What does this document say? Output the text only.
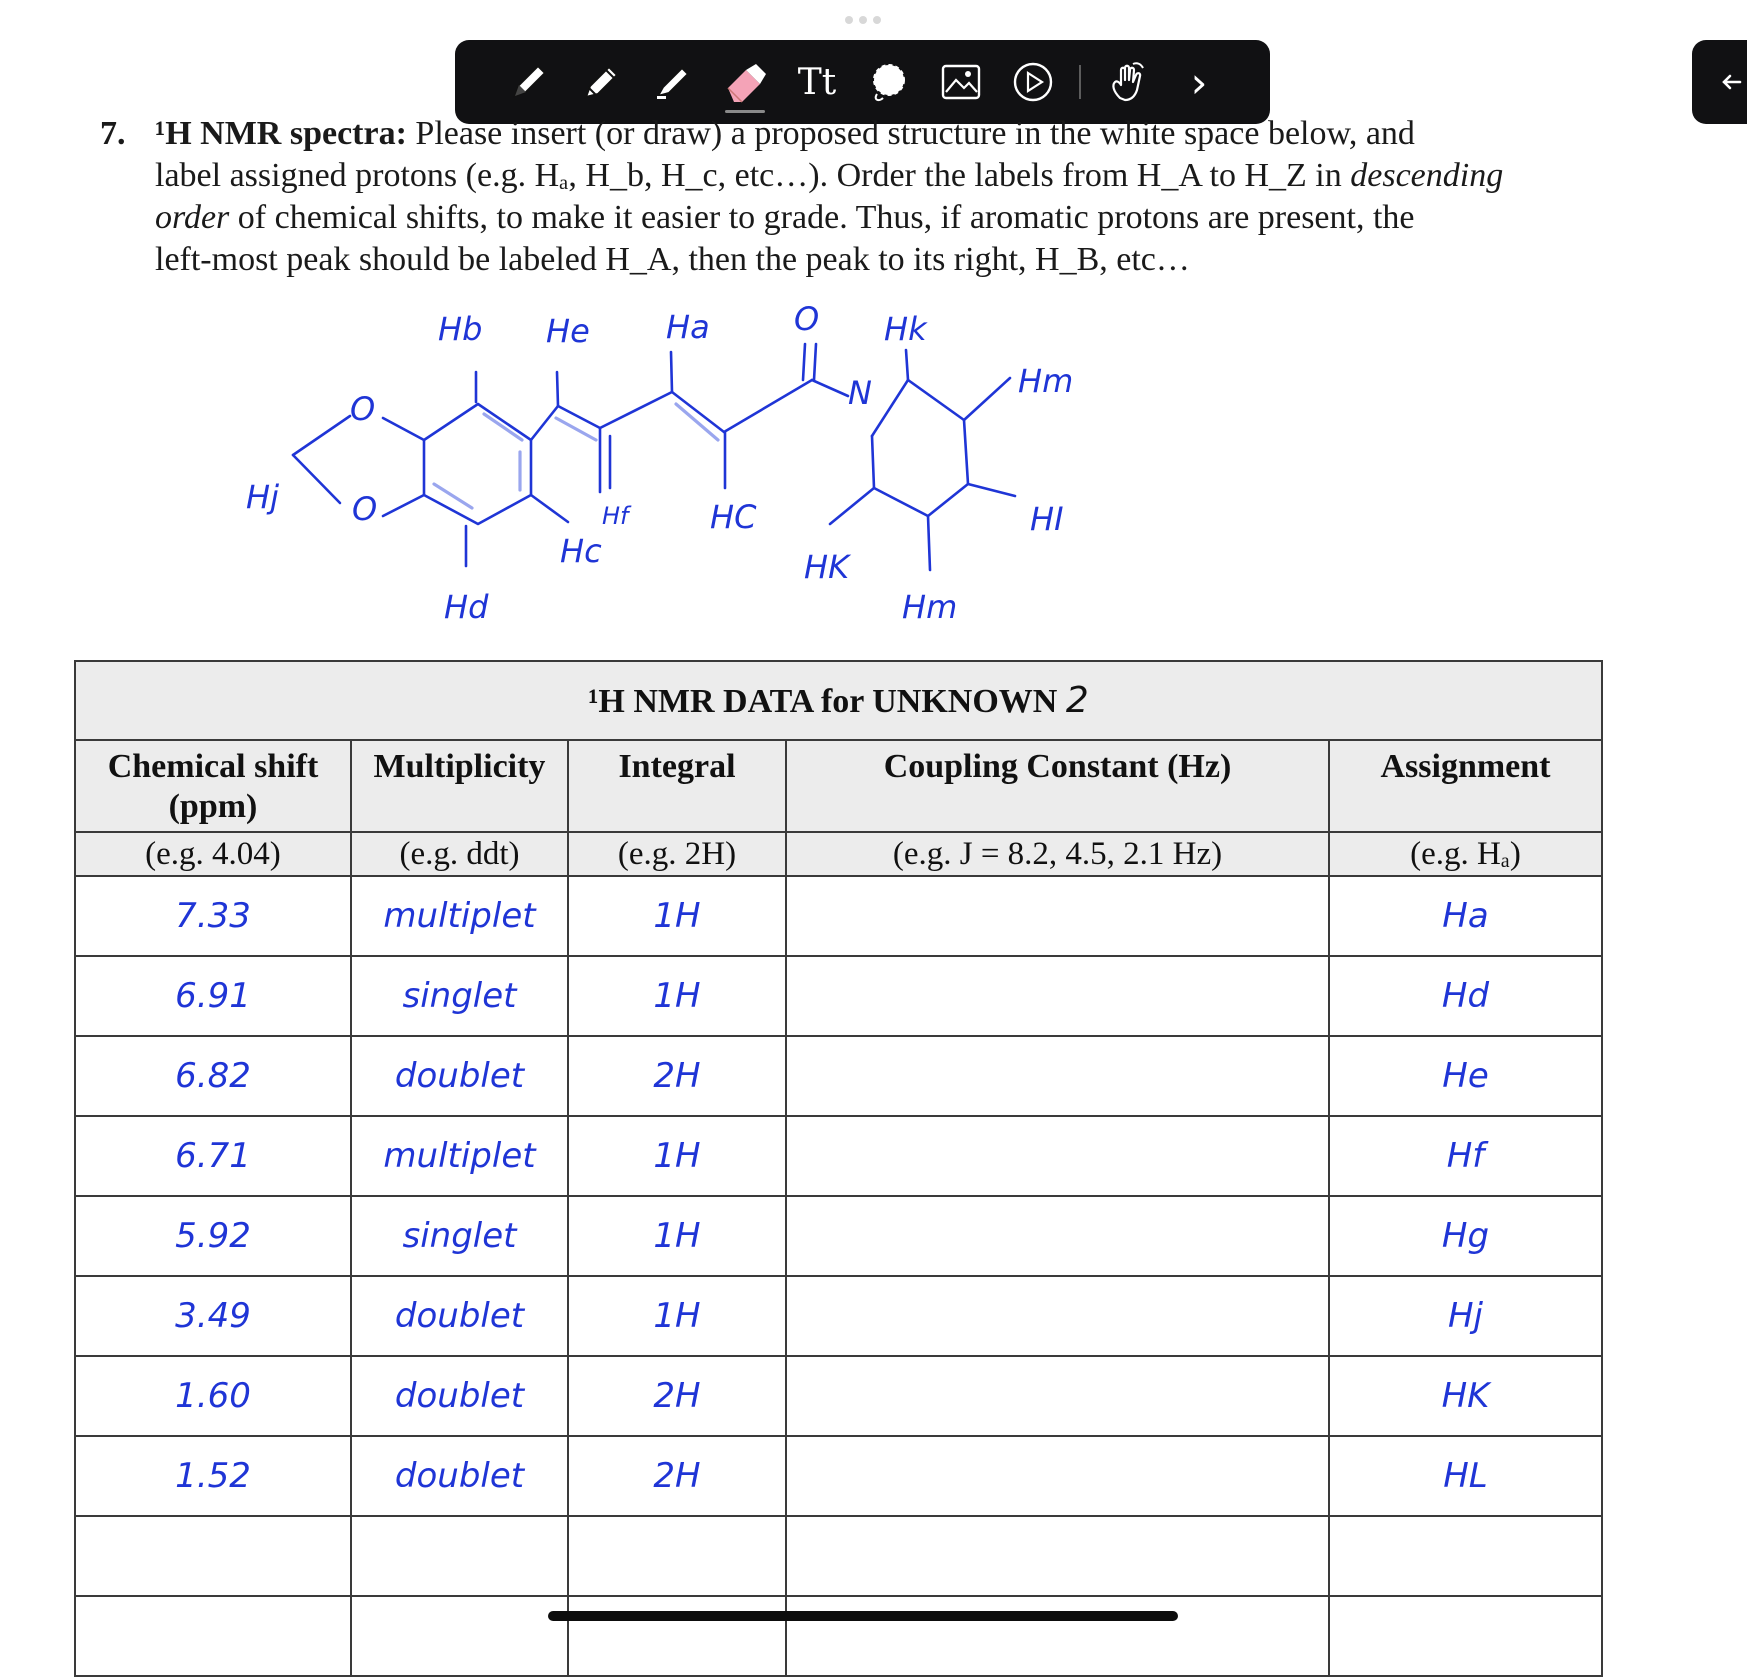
Tt	›
7. ¹H NMR spectra: Please insert (or draw) a proposed structure in the white space below, and
label assigned protons (e.g. Hₐ, H_b, H_c, etc…). Order the labels from H_A to H_Z in descending
order of chemical shifts, to make it easier to grade. Thus, if aromatic protons are present, the
left-most peak should be labeled H_A, then the peak to its right, H_B, etc…
Hb He Ha	O Hk
Hm
O
O
Hj	Hf	HC
N
HI
Hc
Hd
HK
Hm
¹H NMR DATA for UNKNOWN 2				
Chemical shift (ppm)	Multiplicity	Integral	Coupling Constant (Hz)	Assignment
(e.g. 4.04)	(e.g. ddt)	(e.g. 2H)	(e.g. J = 8.2, 4.5, 2.1 Hz)	(e.g. Hₐ)
7.33	multiplet	1H		Ha
6.91	singlet	1H		Hd
6.82	doublet	2H		He
6.71	multiplet	1H		Hf
5.92	singlet	1H		Hg
3.49	doublet	1H		Hj
1.60	doublet	2H		HK
1.52	doublet	2H		HL
